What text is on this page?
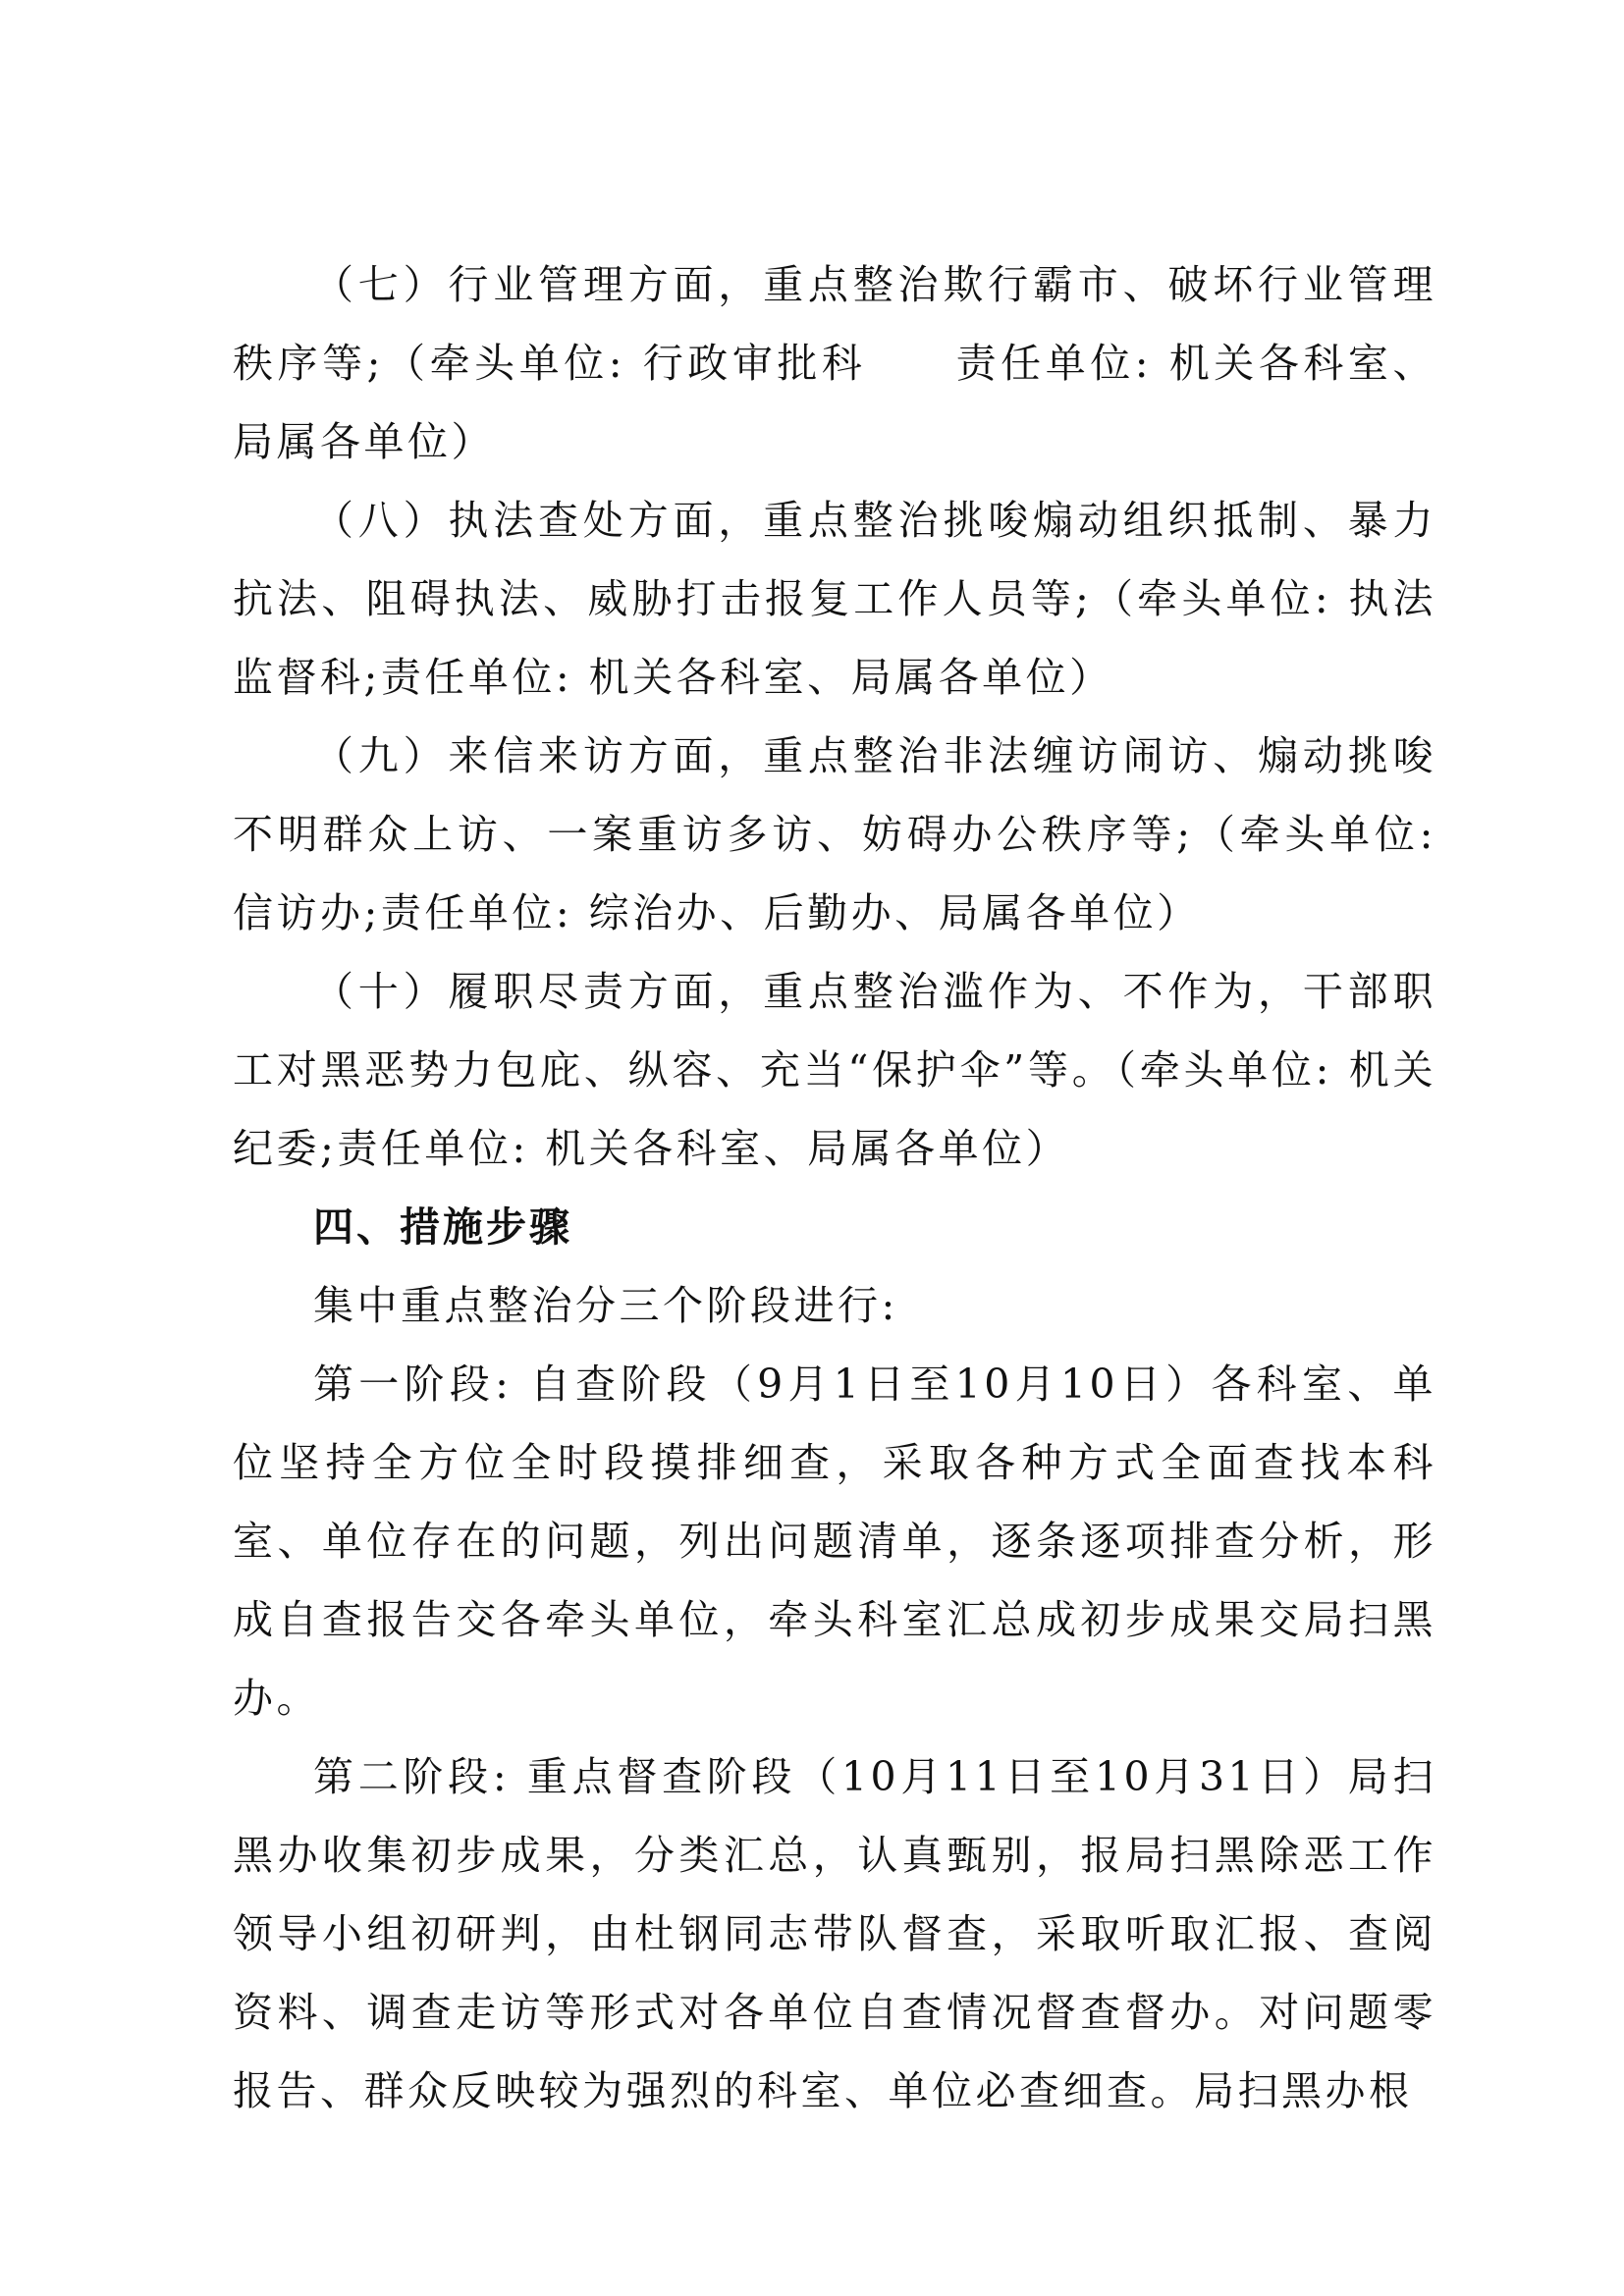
（七）行业管理方面，重点整治欺行霸市、破坏行业管理秩序等;（牵头单位: 行政审批科　　责任单位: 机关各科室、局属各单位）

（八）执法查处方面，重点整治挑唆煽动组织抵制、暴力抗法、阻碍执法、威胁打击报复工作人员等;（牵头单位: 执法监督科;责任单位: 机关各科室、局属各单位）

（九）来信来访方面，重点整治非法缠访闹访、煽动挑唆不明群众上访、一案重访多访、妨碍办公秩序等;（牵头单位: 信访办;责任单位: 综治办、后勤办、局属各单位）

（十）履职尽责方面，重点整治滥作为、不作为，干部职工对黑恶势力包庇、纵容、充当“保护伞”等。（牵头单位: 机关纪委;责任单位: 机关各科室、局属各单位）

四、措施步骤

集中重点整治分三个阶段进行:

第一阶段: 自查阶段（9月1日至10月10日）各科室、单位坚持全方位全时段摸排细查，采取各种方式全面查找本科室、单位存在的问题，列出问题清单，逐条逐项排查分析，形成自查报告交各牵头单位，牵头科室汇总成初步成果交局扫黑办。

第二阶段: 重点督查阶段（10月11日至10月31日）局扫黑办收集初步成果，分类汇总，认真甄别，报局扫黑除恶工作领导小组初研判，由杜钢同志带队督查，采取听取汇报、查阅资料、调查走访等形式对各单位自查情况督查督办。对问题零报告、群众反映较为强烈的科室、单位必查细查。局扫黑办根
